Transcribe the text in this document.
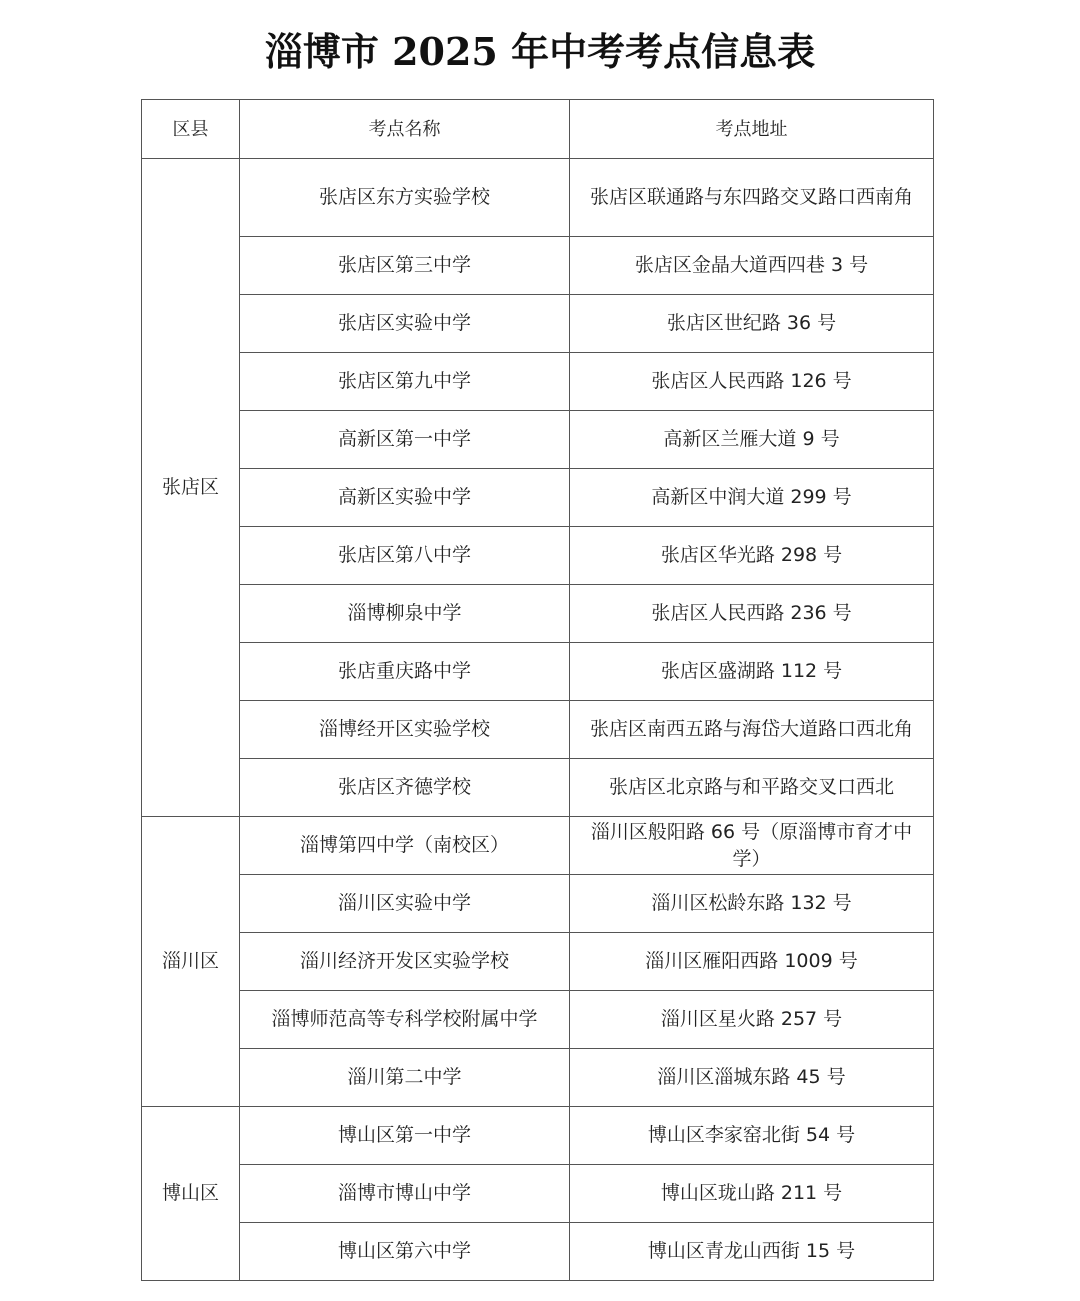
淄博市 2025 年中考考点信息表
区县	考点名称	考点地址
张店区	张店区东方实验学校	张店区联通路与东四路交叉路口西南角
	张店区第三中学	张店区金晶大道西四巷 3 号
	张店区实验中学	张店区世纪路 36 号
	张店区第九中学	张店区人民西路 126 号
	高新区第一中学	高新区兰雁大道 9 号
	高新区实验中学	高新区中润大道 299 号
	张店区第八中学	张店区华光路 298 号
	淄博柳泉中学	张店区人民西路 236 号
	张店重庆路中学	张店区盛湖路 112 号
	淄博经开区实验学校	张店区南西五路与海岱大道路口西北角
	张店区齐德学校	张店区北京路与和平路交叉口西北
淄川区	淄博第四中学（南校区）	淄川区般阳路 66 号（原淄博市育才中学）
	淄川区实验中学	淄川区松龄东路 132 号
	淄川经济开发区实验学校	淄川区雁阳西路 1009 号
	淄博师范高等专科学校附属中学	淄川区星火路 257 号
	淄川第二中学	淄川区淄城东路 45 号
博山区	博山区第一中学	博山区李家窑北街 54 号
	淄博市博山中学	博山区珑山路 211 号
	博山区第六中学	博山区青龙山西街 15 号
